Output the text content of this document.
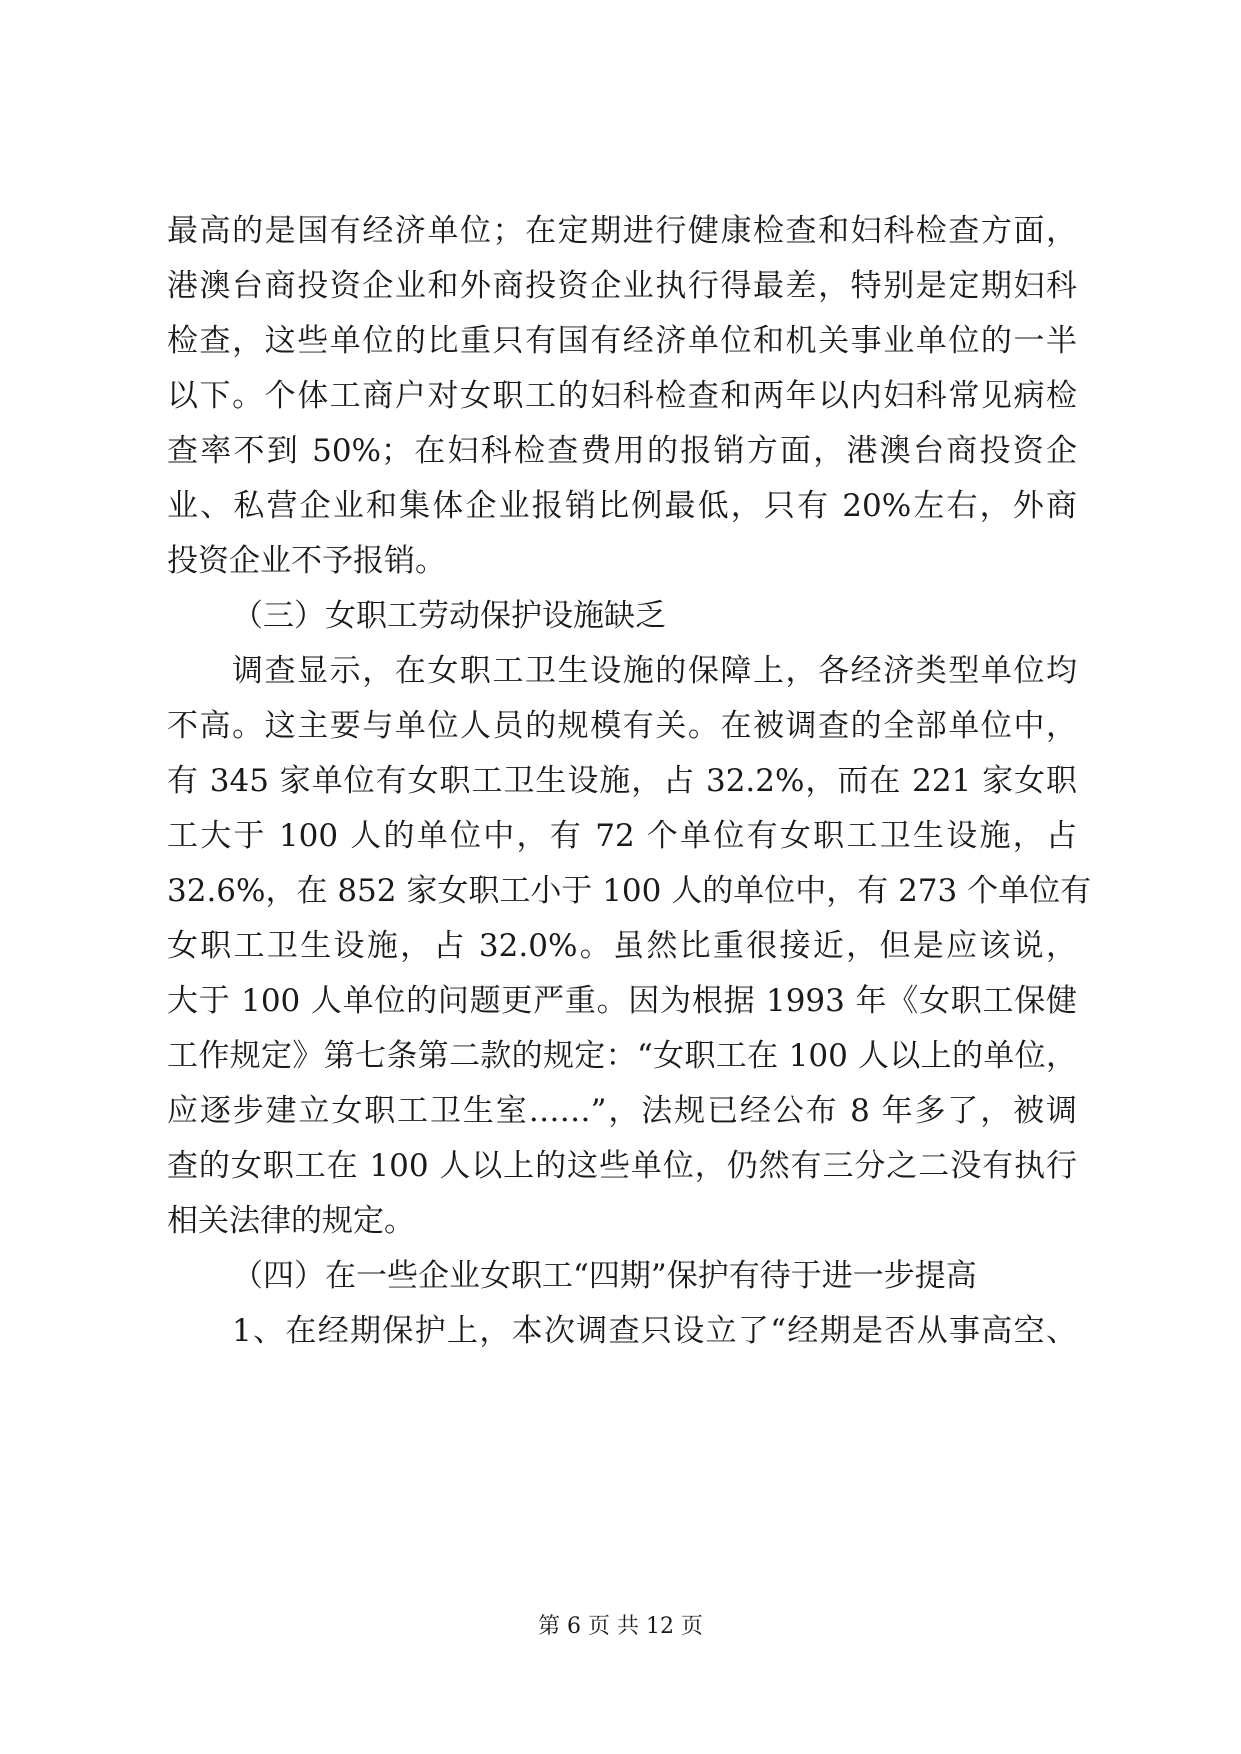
最高的是国有经济单位；在定期进行健康检查和妇科检查方面，
港澳台商投资企业和外商投资企业执行得最差，特别是定期妇科
检查，这些单位的比重只有国有经济单位和机关事业单位的一半
以下。个体工商户对女职工的妇科检查和两年以内妇科常见病检
查率不到 50%；在妇科检查费用的报销方面，港澳台商投资企
业、私营企业和集体企业报销比例最低，只有 20%左右，外商
投资企业不予报销。
（三）女职工劳动保护设施缺乏
调查显示，在女职工卫生设施的保障上，各经济类型单位均
不高。这主要与单位人员的规模有关。在被调查的全部单位中，
有 345 家单位有女职工卫生设施，占 32.2%，而在 221 家女职
工大于 100 人的单位中，有 72 个单位有女职工卫生设施，占
32.6%，在 852 家女职工小于 100 人的单位中，有 273 个单位有
女职工卫生设施，占 32.0%。虽然比重很接近，但是应该说，
大于 100 人单位的问题更严重。因为根据 1993 年《女职工保健
工作规定》第七条第二款的规定：“女职工在 100 人以上的单位，
应逐步建立女职工卫生室……”，法规已经公布 8 年多了，被调
查的女职工在 100 人以上的这些单位，仍然有三分之二没有执行
相关法律的规定。
（四）在一些企业女职工“四期”保护有待于进一步提高
1、在经期保护上，本次调查只设立了“经期是否从事高空、
第 6 页 共 12 页
